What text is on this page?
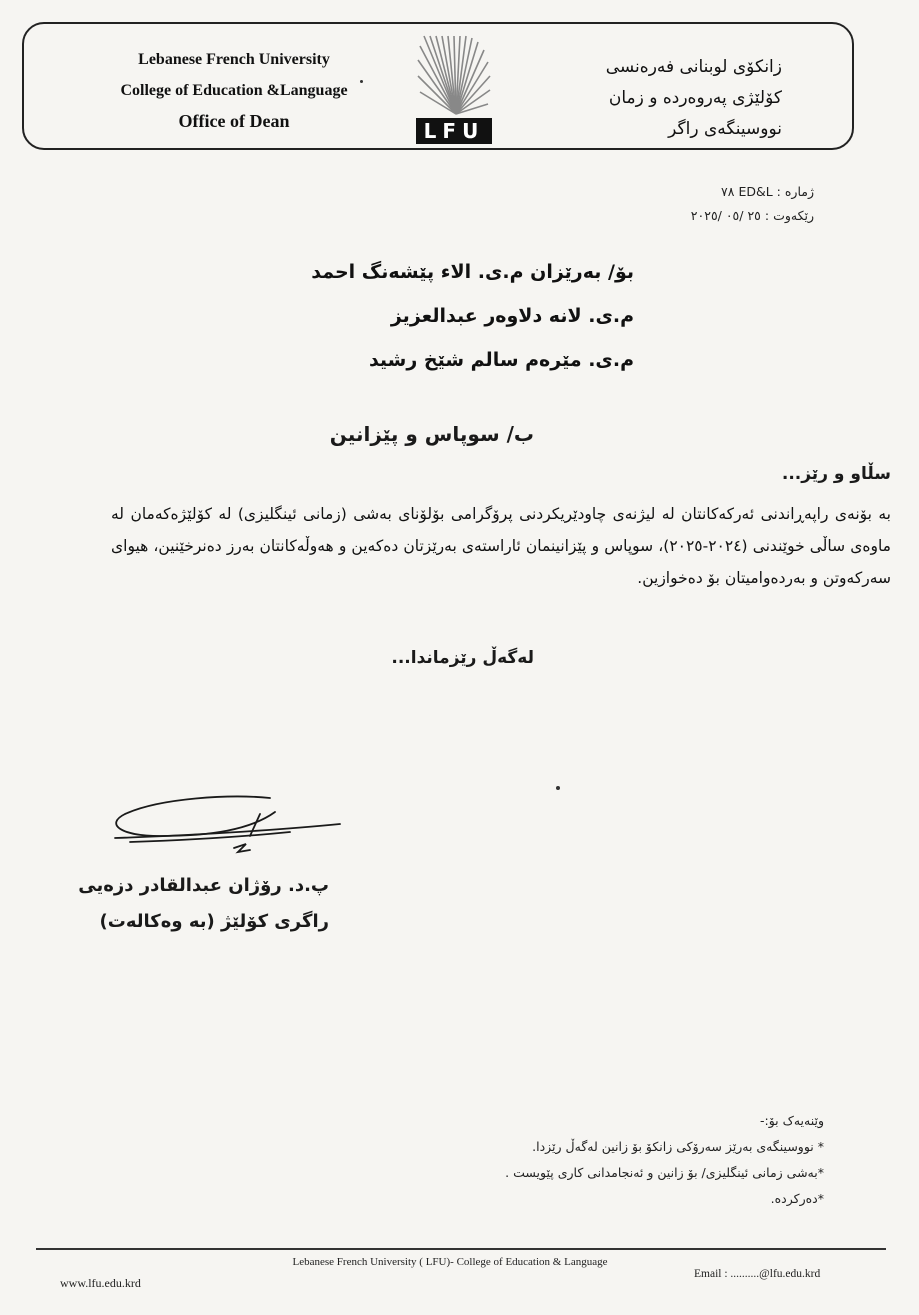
Lebanese French University
College of Education &Language
Office of Dean	LFU
زانکۆی لوبنانی فەرەنسی
کۆلێژی پەروەردە و زمان
نووسینگەی راگر
ژمارە : ED&L ٧٨
رێکەوت : ٢٥ /٠٥ /٢٠٢٥
بۆ/ بەرێزان م.ی. الاء پێشەنگ احمد
م.ی. لانه دلاوەر عبدالعزیز
م.ی. مێرەم سالم شێخ رشید
ب/ سوپاس و پێزانین
سڵاو و رێز...
بە بۆنەی راپەڕاندنی ئەرکەکانتان لە لیژنەی چاودێریکردنی پرۆگرامی بۆلۆنای بەشی (زمانی ئینگلیزی) لە کۆلێژەکەمان لە ماوەی ساڵی خوێندنی (٢٠٢٤-٢٠٢٥)، سوپاس و پێزانینمان ئاراستەی بەرێزتان دەکەین و هەوڵەکانتان بەرز دەنرخێنین، هیوای سەرکەوتن و بەردەوامیتان بۆ دەخوازین.
لەگەڵ رێزماندا...
پ.د. رۆژان عبدالقادر دزەیی
راگری کۆلێژ (بە وەکالەت)
وێنەیەک بۆ:-
* نووسینگەی بەرێز سەرۆکی زانکۆ بۆ زانین لەگەڵ رێزدا.
*بەشی زمانی ئینگلیزی/ بۆ زانین و ئەنجامدانی کاری پێویست .
*دەرکردە.
Lebanese French University ( LFU)- College of Education & Language
www.lfu.edu.krd
Email : ..........@lfu.edu.krd
